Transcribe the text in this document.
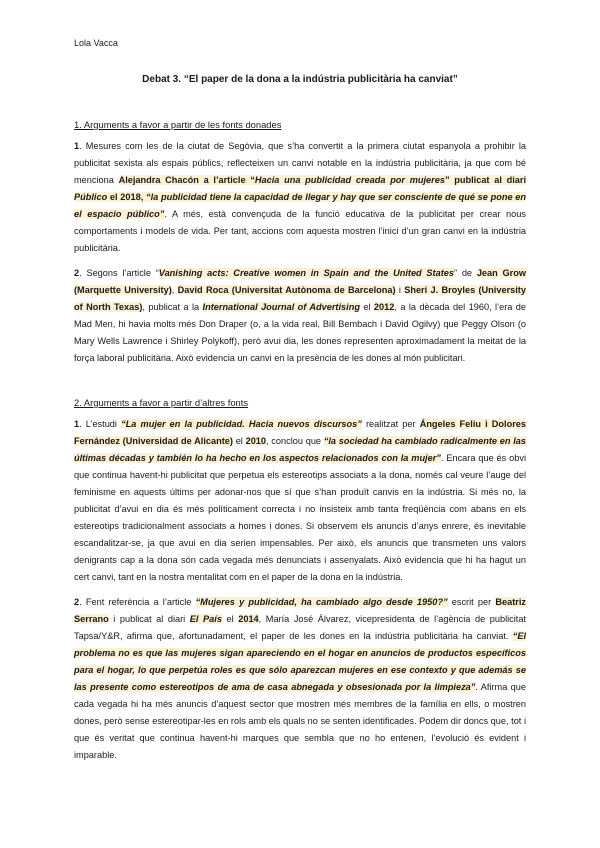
Lola Vacca
Debat 3. “El paper de la dona a la indústria publicitària ha canviat”
1. Arguments a favor a partir de les fonts donades

1. Mesures com les de la ciutat de Segòvia, que s’ha convertit a la primera ciutat espanyola a prohibir la publicitat sexista als espais públics, reflecteixen un canvi notable en la indústria publicitària, ja que com bé menciona Alejandra Chacón a l’article “Hacia una publicidad creada por mujeres” publicat al diari Público el 2018, “la publicidad tiene la capacidad de llegar y hay que ser consciente de qué se pone en el espacio público”. A més, està convençuda de la funció educativa de la publicitat per crear nous comportaments i models de vida. Per tant, accions com aquesta mostren l’inici d’un gran canvi en la indústria publicitària.

2. Segons l’article “Vanishing acts: Creative women in Spain and the United States” de Jean Grow (Marquette University), David Roca (Universitat Autònoma de Barcelona) i Sheri J. Broyles (University of North Texas), publicat a la International Journal of Advertising el 2012, a la dècada del 1960, l’era de Mad Men, hi havia molts més Don Draper (o, a la vida real, Bill Bembach i David Ogilvy) que Peggy Olson (o Mary Wells Lawrence i Shirley Polykoff), però avui dia, les dones representen aproximadament la meitat de la força laboral publicitària. Això evidencia un canvi en la presència de les dones al món publicitari.

2. Arguments a favor a partir d’altres fonts

1. L’estudi “La mujer en la publicidad. Hacia nuevos discursos” realitzat per Ángeles Feliu i Dolores Fernández (Universidad de Alicante) el 2010, conclou que “la sociedad ha cambiado radicalmente en las últimas décadas y también lo ha hecho en los aspectos relacionados con la mujer”. Encara que és obvi que continua havent-hi publicitat que perpetua els estereotips associats a la dona, només cal veure l’auge del feminisme en aquests últims per adonar-nos que sí que s’han produït canvis en la indústria. Si més no, la publicitat d’avui en dia és més políticament correcta i no insisteix amb tanta freqüència com abans en els estereotips tradicionalment associats a homes i dones. Si observem els anuncis d’anys enrere, és inevitable escandalitzar-se, ja que avui en dia serien impensables. Per això, els anuncis que transmeten uns valors denigrants cap a la dona són cada vegada més denunciats i assenyalats. Això evidencia que hi ha hagut un cert canvi, tant en la nostra mentalitat com en el paper de la dona en la indústria.

2. Fent referència a l’article “Mujeres y publicidad, ha cambiado algo desde 1950?” escrit per Beatriz Serrano i publicat al diari El País el 2014, María José Álvarez, vicepresidenta de l’agència de publicitat Tapsa/Y&R, afirma que, afortunadament, el paper de les dones en la indústria publicitària ha canviat. “El problema no es que las mujeres sigan apareciendo en el hogar en anuncios de productos específicos para el hogar, lo que perpetúa roles es que sólo aparezcan mujeres en ese contexto y que además se las presente como estereotipos de ama de casa abnegada y obsesionada por la limpieza”. Afirma que cada vegada hi ha més anuncis d’aquest sector que mostren més membres de la família en ells, o mostren dones, però sense estereotipar-les en rols amb els quals no se senten identificades. Podem dir doncs que, tot i que és veritat que continua havent-hi marques que sembla que no ho entenen, l’evolució és evident i imparable.
